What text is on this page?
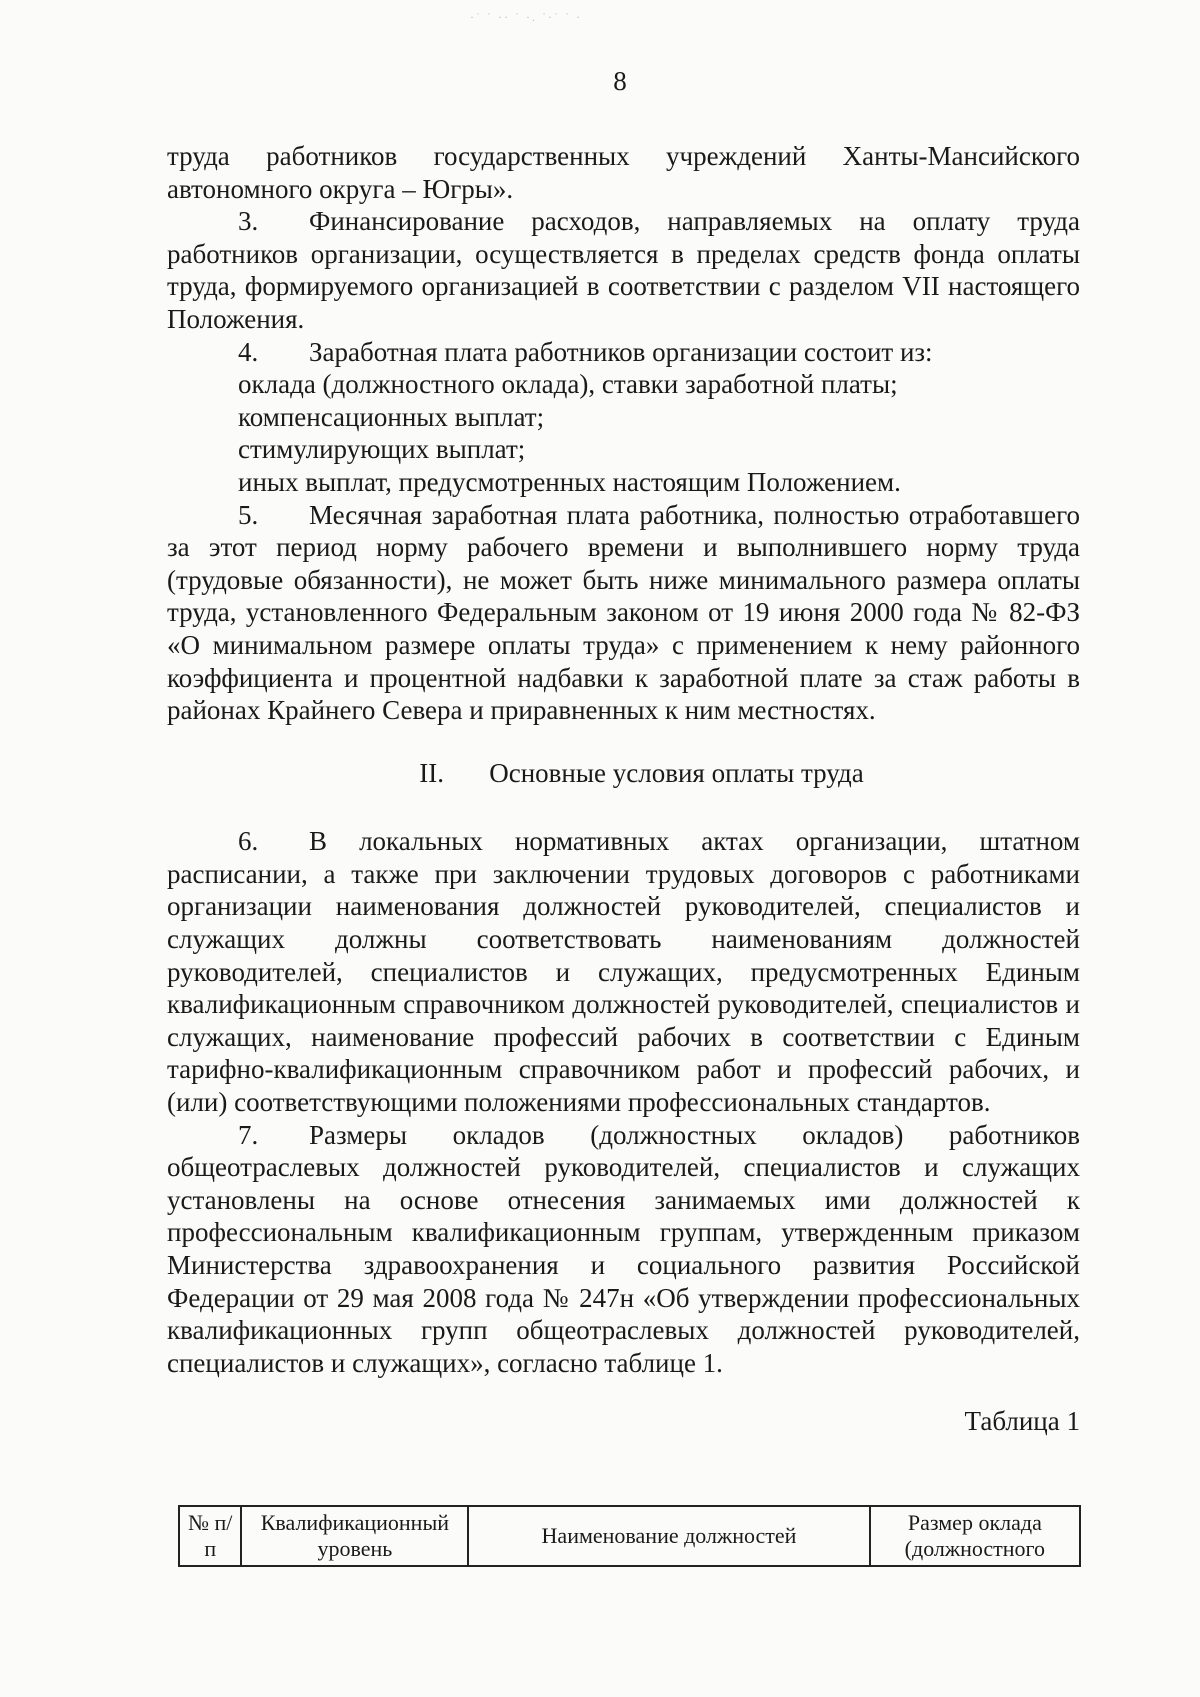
·˙ ˙ ·· ˙ ·. ˙·˙ ˙ ·
8

труда работников государственных учреждений Ханты-Мансийского автономного округа – Югры».

3. Финансирование расходов, направляемых на оплату труда работников организации, осуществляется в пределах средств фонда оплаты труда, формируемого организацией в соответствии с разделом VII настоящего Положения.

4. Заработная плата работников организации состоит из:

оклада (должностного оклада), ставки заработной платы;

компенсационных выплат;

стимулирующих выплат;

иных выплат, предусмотренных настоящим Положением.

5. Месячная заработная плата работника, полностью отработавшего за этот период норму рабочего времени и выполнившего норму труда (трудовые обязанности), не может быть ниже минимального размера оплаты труда, установленного Федеральным законом от 19 июня 2000 года № 82-ФЗ «О минимальном размере оплаты труда» с применением к нему районного коэффициента и процентной надбавки к заработной плате за стаж работы в районах Крайнего Севера и приравненных к ним местностях.

II. Основные условия оплаты труда

6. В локальных нормативных актах организации, штатном расписании, а также при заключении трудовых договоров с работниками организации наименования должностей руководителей, специалистов и служащих должны соответствовать наименованиям должностей руководителей, специалистов и служащих, предусмотренных Единым квалификационным справочником должностей руководителей, специалистов и служащих, наименование профессий рабочих в соответствии с Единым тарифно-квалификационным справочником работ и профессий рабочих, и (или) соответствующими положениями профессиональных стандартов.

7. Размеры окладов (должностных окладов) работников общеотраслевых должностей руководителей, специалистов и служащих установлены на основе отнесения занимаемых ими должностей к профессиональным квалификационным группам, утвержденным приказом Министерства здравоохранения и социального развития Российской Федерации от 29 мая 2008 года № 247н «Об утверждении профессиональных квалификационных групп общеотраслевых должностей руководителей, специалистов и служащих», согласно таблице 1.

Таблица 1

№ п/п	Квалификационный уровень	Наименование должностей	Размер оклада (должностного
